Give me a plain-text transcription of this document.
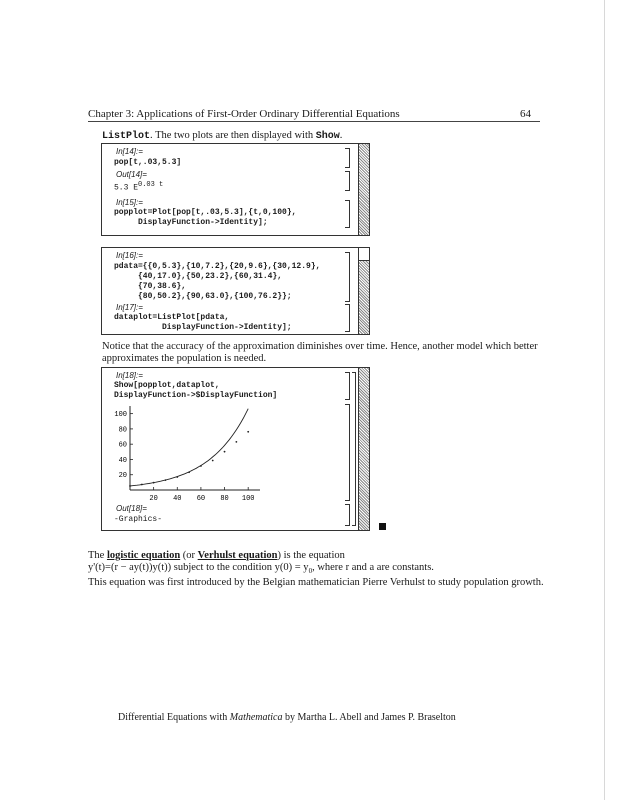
Chapter 3: Applications of First-Order Ordinary Differential Equations	64
ListPlot. The two plots are then displayed with Show.
In[14]:=
pop[t,.03,5.3]
Out[14]=
5.3 $E^{0.03 t}$
In[15]:=
popplot=Plot[pop[t,.03,5.3],{t,0,100},
DisplayFunction->Identity];
In[16]:=
pdata={{0,5.3},{10,7.2},{20,9.6},{30,12.9},
{40,17.0},{50,23.2},{60,31.4},
{70,38.6},
{80,50.2},{90,63.0},{100,76.2}};
In[17]:=
dataplot=ListPlot[pdata,
DisplayFunction->Identity];
Notice that the accuracy of the approximation diminishes over time. Hence, another model which better
approximates the population is needed.
In[18]:=
Show[popplot,dataplot,
DisplayFunction->$DisplayFunction]
20
40
60
80
100
20 40 60 80 100
Out[18]=
-Graphics-
The logistic equation (or Verhulst equation) is the equation
y'(t)=(r − ay(t))y(t)) subject to the condition $y(0) = y_0$, where r and a are constants.
This equation was first introduced by the Belgian mathematician Pierre Verhulst to study population growth.
Differential Equations with Mathematica by Martha L. Abell and James P. Braselton
